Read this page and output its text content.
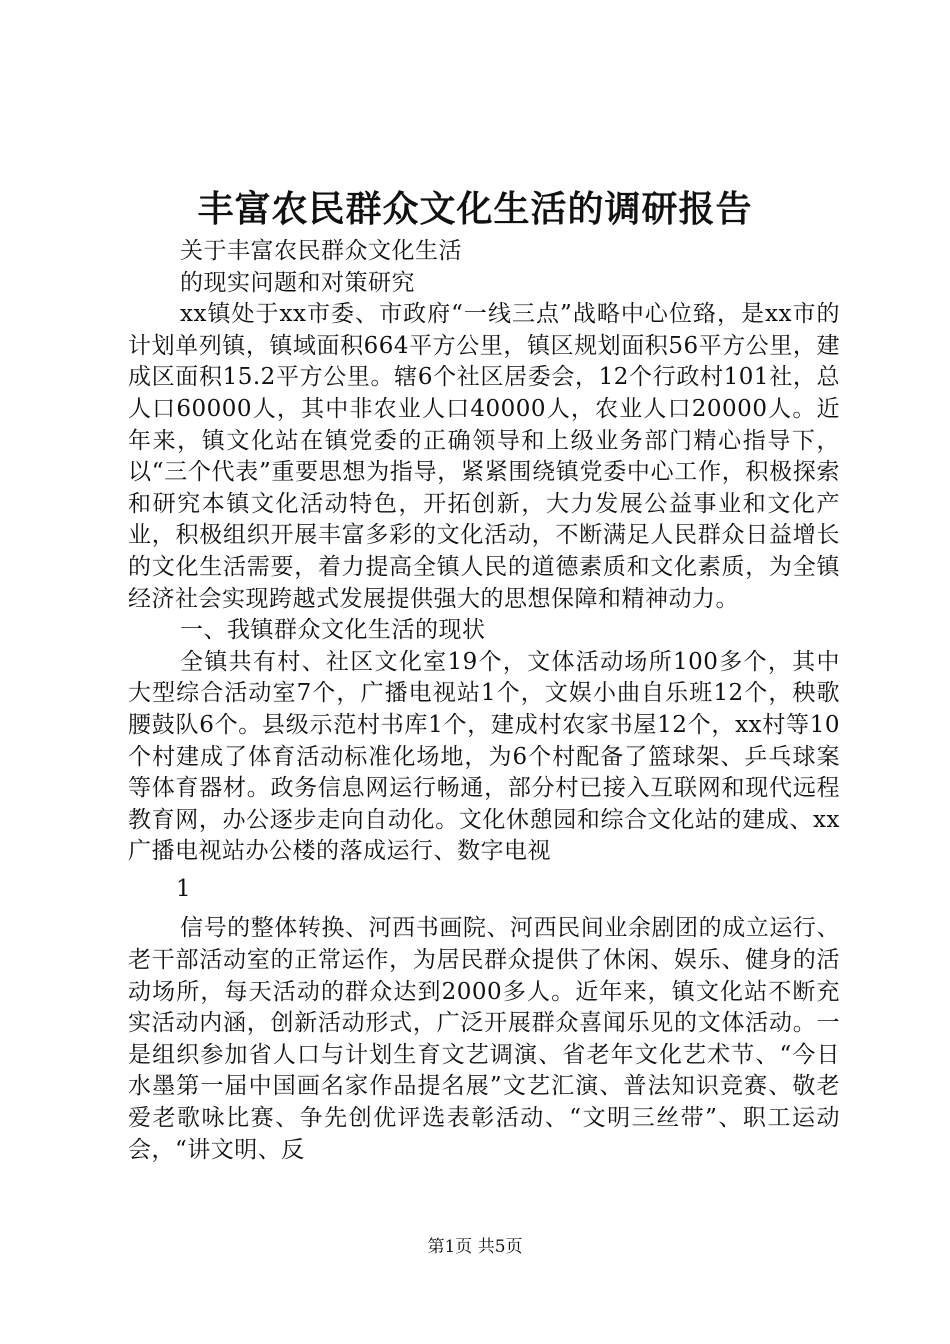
丰富农民群众文化生活的调研报告

关于丰富农民群众文化生活

的现实问题和对策研究

xx镇处于xx市委、市政府“一线三点”战略中心位臵，是xx市的计划单列镇，镇域面积664平方公里，镇区规划面积56平方公里，建成区面积15.2平方公里。辖6个社区居委会，12个行政村101社，总人口60000人，其中非农业人口40000人，农业人口20000人。近年来，镇文化站在镇党委的正确领导和上级业务部门精心指导下，以“三个代表”重要思想为指导，紧紧围绕镇党委中心工作，积极探索和研究本镇文化活动特色，开拓创新，大力发展公益事业和文化产业，积极组织开展丰富多彩的文化活动，不断满足人民群众日益增长的文化生活需要，着力提高全镇人民的道德素质和文化素质，为全镇经济社会实现跨越式发展提供强大的思想保障和精神动力。

一、我镇群众文化生活的现状

全镇共有村、社区文化室19个，文体活动场所100多个，其中大型综合活动室7个，广播电视站1个，文娱小曲自乐班12个，秧歌腰鼓队6个。县级示范村书库1个，建成村农家书屋12个，xx村等10个村建成了体育活动标准化场地，为6个村配备了篮球架、乒乓球案等体育器材。政务信息网运行畅通，部分村已接入互联网和现代远程教育网，办公逐步走向自动化。文化休憩园和综合文化站的建成、xx广播电视站办公楼的落成运行、数字电视

1

信号的整体转换、河西书画院、河西民间业余剧团的成立运行、老干部活动室的正常运作，为居民群众提供了休闲、娱乐、健身的活动场所，每天活动的群众达到2000多人。近年来，镇文化站不断充实活动内涵，创新活动形式，广泛开展群众喜闻乐见的文体活动。一是组织参加省人口与计划生育文艺调演、省老年文化艺术节、“今日水墨第一届中国画名家作品提名展”文艺汇演、普法知识竞赛、敬老爱老歌咏比赛、争先创优评选表彰活动、“文明三丝带”、职工运动会，“讲文明、反

第1页 共5页
